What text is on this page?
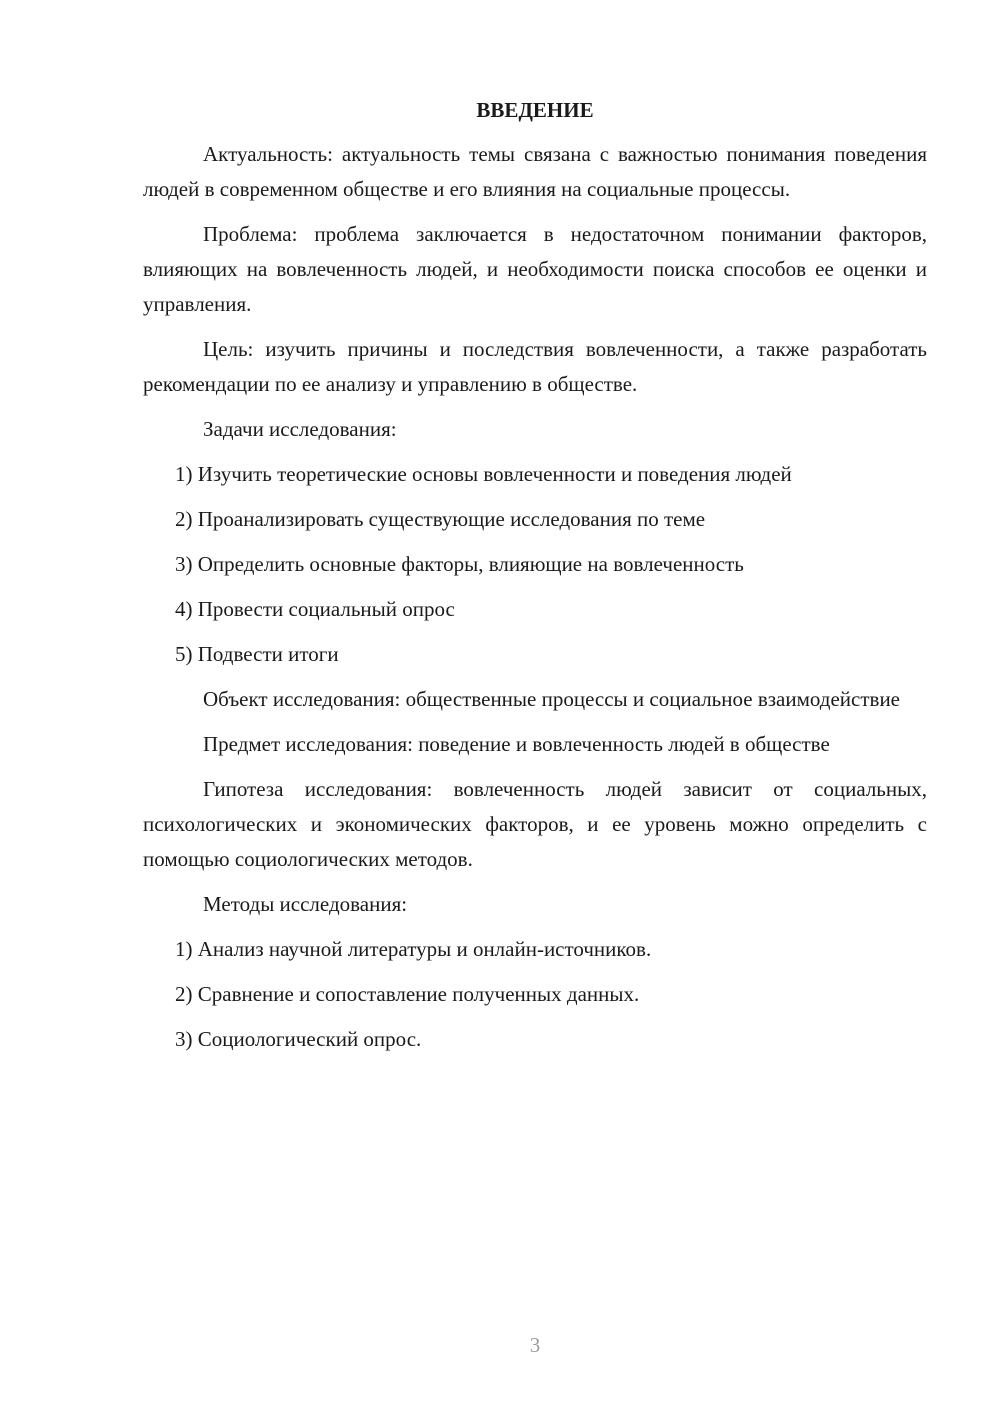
ВВЕДЕНИЕ

Актуальность: актуальность темы связана с важностью понимания поведения людей в современном обществе и его влияния на социальные процессы.

Проблема: проблема заключается в недостаточном понимании факторов, влияющих на вовлеченность людей, и необходимости поиска способов ее оценки и управления.

Цель: изучить причины и последствия вовлеченности, а также разработать рекомендации по ее анализу и управлению в обществе.

Задачи исследования:

1) Изучить теоретические основы вовлеченности и поведения людей
2) Проанализировать существующие исследования по теме
3) Определить основные факторы, влияющие на вовлеченность
4) Провести социальный опрос
5) Подвести итоги

Объект исследования: общественные процессы и социальное взаимодействие

Предмет исследования: поведение и вовлеченность людей в обществе

Гипотеза исследования: вовлеченность людей зависит от социальных, психологических и экономических факторов, и ее уровень можно определить с помощью социологических методов.

Методы исследования:

1) Анализ научной литературы и онлайн-источников.
2) Сравнение и сопоставление полученных данных.
3) Социологический опрос.
3
